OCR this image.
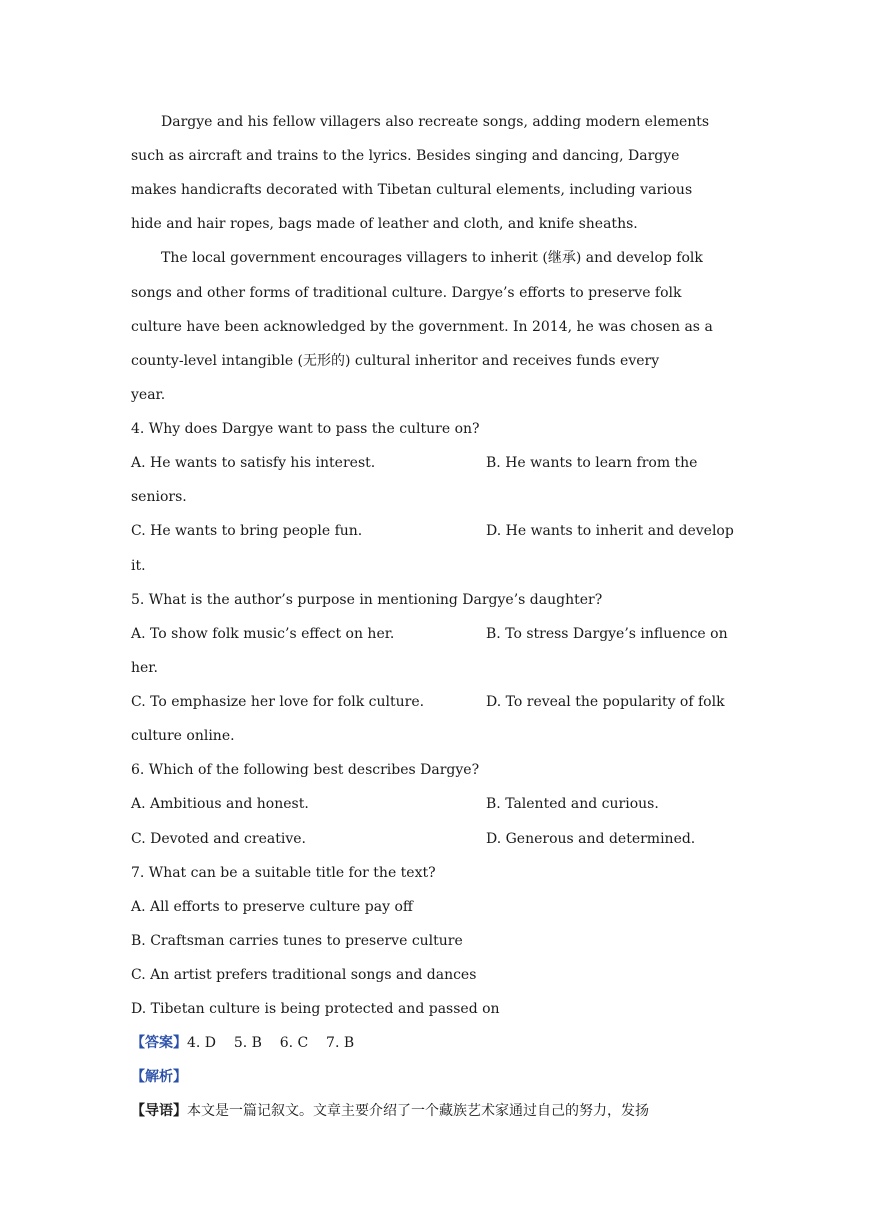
Dargye and his fellow villagers also recreate songs, adding modern elements
such as aircraft and trains to the lyrics. Besides singing and dancing, Dargye
makes handicrafts decorated with Tibetan cultural elements, including various
hide and hair ropes, bags made of leather and cloth, and knife sheaths.
The local government encourages villagers to inherit (继承) and develop folk
songs and other forms of traditional culture. Dargye’s efforts to preserve folk
culture have been acknowledged by the government. In 2014, he was chosen as a
county-level intangible (无形的) cultural inheritor and receives funds every
year.
4. Why does Dargye want to pass the culture on?
A. He wants to satisfy his interest.	B. He wants to learn from the
seniors.
C. He wants to bring people fun.	D. He wants to inherit and develop
it.
5. What is the author’s purpose in mentioning Dargye’s daughter?
A. To show folk music’s effect on her.	B. To stress Dargye’s influence on
her.
C. To emphasize her love for folk culture.	D. To reveal the popularity of folk
culture online.
6. Which of the following best describes Dargye?
A. Ambitious and honest.	B. Talented and curious.
C. Devoted and creative.	D. Generous and determined.
7. What can be a suitable title for the text?
A. All efforts to preserve culture pay off
B. Craftsman carries tunes to preserve culture
C. An artist prefers traditional songs and dances
D. Tibetan culture is being protected and passed on
【答案】4. D    5. B    6. C    7. B
【解析】
【导语】本文是一篇记叙文。文章主要介绍了一个藏族艺术家通过自己的努力，发扬
